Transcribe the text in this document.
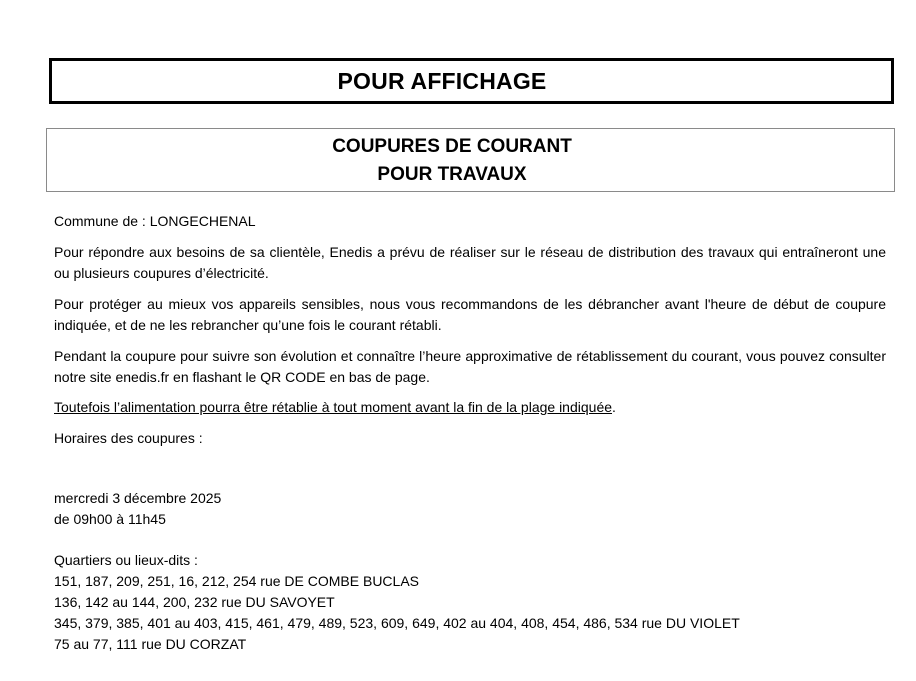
POUR AFFICHAGE
COUPURES DE COURANT
POUR TRAVAUX
Commune de : LONGECHENAL
Pour répondre aux besoins de sa clientèle, Enedis a prévu de réaliser sur le réseau de distribution des travaux qui entraîneront une ou plusieurs coupures d’électricité.
Pour protéger au mieux vos appareils sensibles, nous vous recommandons de les débrancher avant l'heure de début de coupure indiquée, et de ne les rebrancher qu’une fois le courant rétabli.
Pendant la coupure pour suivre son évolution et connaître l’heure approximative de rétablissement du courant, vous pouvez consulter notre site enedis.fr en flashant le QR CODE en bas de page.
Toutefois l’alimentation pourra être rétablie à tout moment avant la fin de la plage indiquée.
Horaires des coupures :
mercredi 3 décembre 2025
de 09h00 à 11h45
Quartiers ou lieux-dits :
151, 187, 209, 251, 16, 212, 254 rue DE COMBE BUCLAS
136, 142 au 144, 200, 232 rue DU SAVOYET
345, 379, 385, 401 au 403, 415, 461, 479, 489, 523, 609, 649, 402 au 404, 408, 454, 486, 534 rue DU VIOLET
75 au 77, 111 rue DU CORZAT
